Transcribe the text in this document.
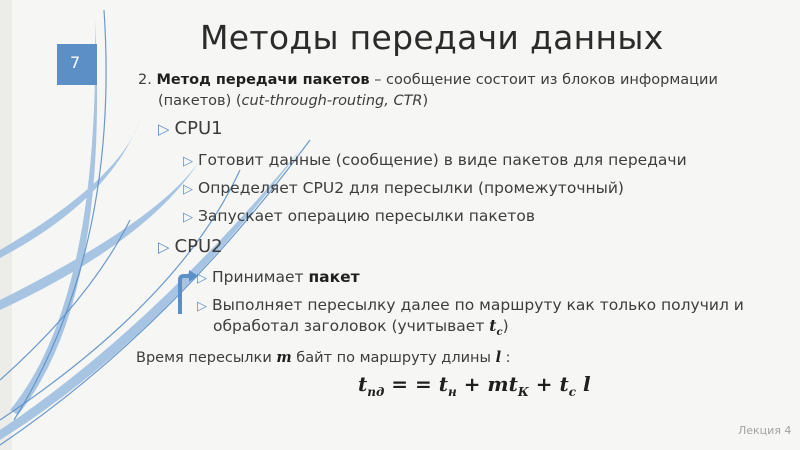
7
Методы передачи данных
2. Метод передачи пакетов – сообщение состоит из блоков информации
(пакетов) (cut-through-routing, CTR)
▷ CPU1
▷ Готовит данные (сообщение) в виде пакетов для передачи
▷ Определяет CPU2 для пересылки (промежуточный)
▷ Запускает операцию пересылки пакетов
▷ CPU2
▷ Принимает пакет
▷ Выполняет пересылку далее по маршруту как только получил и
обработал заголовок (учитывает $t_c$)
Время пересылки m байт по маршруту длины l :
$t_{пд}$ = = $t_н + mt_К + t_с$ l
Лекция 4
